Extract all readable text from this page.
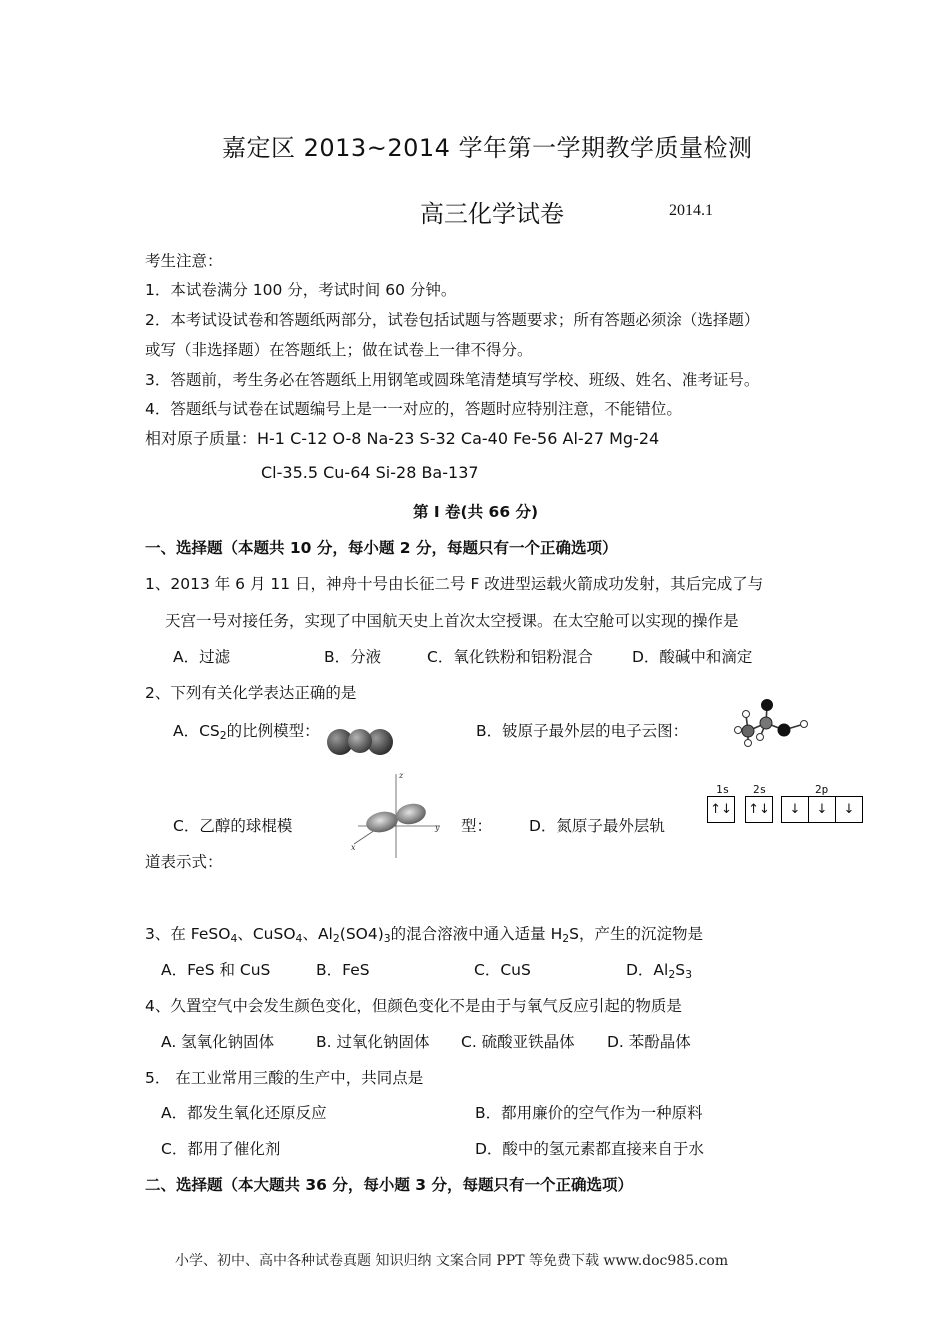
嘉定区 2013~2014 学年第一学期教学质量检测
高三化学试卷	2014.1
考生注意：
1．本试卷满分 100 分，考试时间 60 分钟。
2．本考试设试卷和答题纸两部分，试卷包括试题与答题要求；所有答题必须涂（选择题）
或写（非选择题）在答题纸上；做在试卷上一律不得分。
3．答题前，考生务必在答题纸上用钢笔或圆珠笔清楚填写学校、班级、姓名、准考证号。
4．答题纸与试卷在试题编号上是一一对应的，答题时应特别注意，不能错位。
相对原子质量：H-1 C-12 O-8 Na-23 S-32 Ca-40 Fe-56 Al-27 Mg-24
Cl-35.5 Cu-64 Si-28 Ba-137
第 I 卷(共 66 分)
一、选择题（本题共 10 分，每小题 2 分，每题只有一个正确选项）
1、2013 年 6 月 11 日，神舟十号由长征二号 F 改进型运载火箭成功发射，其后完成了与
天宫一号对接任务，实现了中国航天史上首次太空授课。在太空舱可以实现的操作是
A．过滤	B．分液	C．氧化铁粉和铝粉混合	D．酸碱中和滴定
2、下列有关化学表达正确的是
A．$CS_2$的比例模型：	B．铍原子最外层的电子云图：
C．乙醇的球棍模
z
y
x
型： D．氮原子最外层轨
1s 2s	2p
↑↓ ↑↓	↓	↓	↓
道表示式：
3、在 FeSO$_4$、CuSO$_4$、$Al_2(SO4)_3$的混合溶液中通入适量 $H_2S$，产生的沉淀物是
A．FeS 和 CuS	B．FeS	C．CuS	D．$Al_2S_3$
4、久置空气中会发生颜色变化，但颜色变化不是由于与氧气反应引起的物质是
A. 氢氧化钠固体	B. 过氧化钠固体 C. 硫酸亚铁晶体 D. 苯酚晶体
5． 在工业常用三酸的生产中，共同点是
A．都发生氧化还原反应	B．都用廉价的空气作为一种原料
C．都用了催化剂	D．酸中的氢元素都直接来自于水
二、选择题（本大题共 36 分，每小题 3 分，每题只有一个正确选项）
小学、初中、高中各种试卷真题 知识归纳 文案合同 PPT 等免费下载 www.doc985.com
